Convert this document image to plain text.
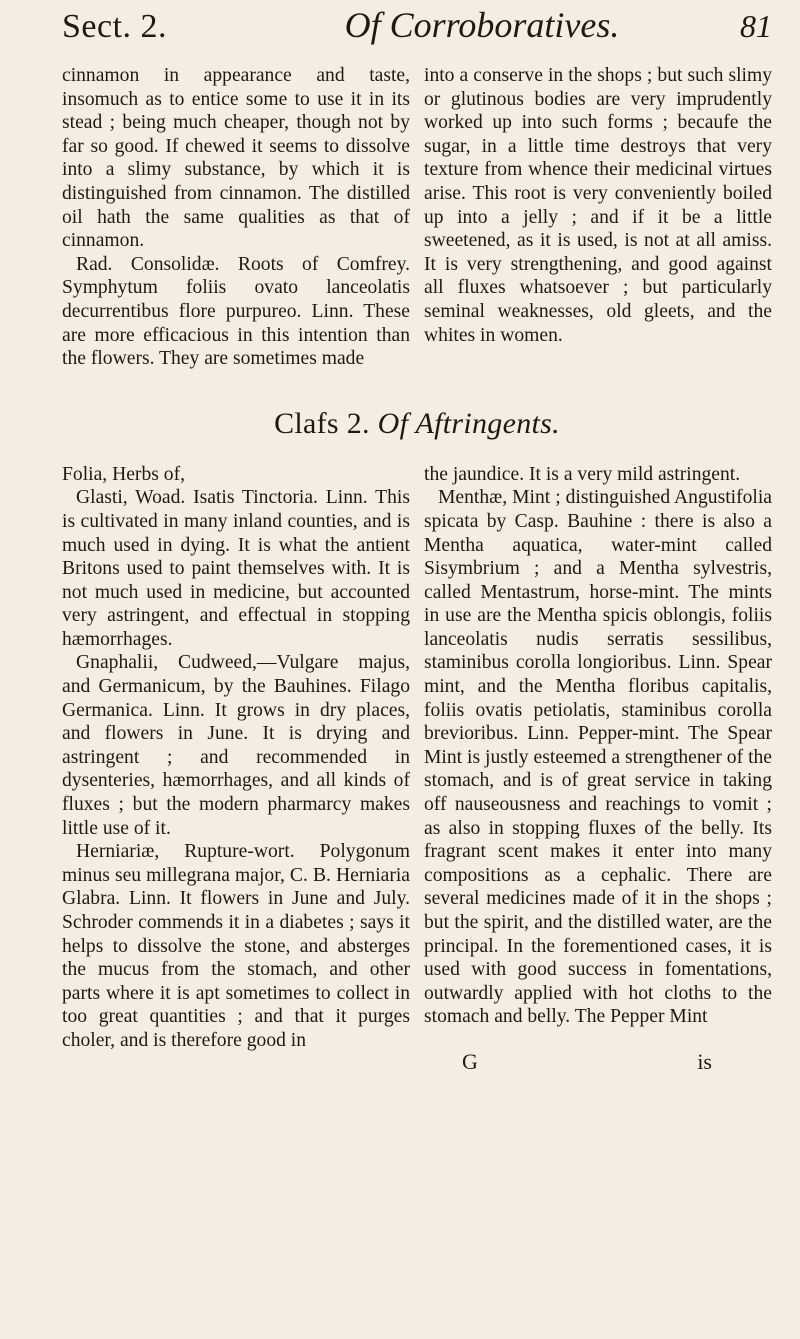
Sect. 2.	Of Corroboratives.	81

cinnamon in appearance and taste, insomuch as to entice some to use it in its stead ; being much cheaper, though not by far so good. If chewed it seems to dissolve into a slimy substance, by which it is distinguished from cinnamon. The distilled oil hath the same qualities as that of cinnamon.

Rad. Consolidæ. Roots of Comfrey. Symphytum foliis ovato lanceolatis decurrentibus flore purpureo. Linn. These are more efficacious in this intention than the flowers. They are sometimes made

into a conserve in the shops ; but such slimy or glutinous bodies are very imprudently worked up into such forms ; becaufe the sugar, in a little time destroys that very texture from whence their medicinal virtues arise. This root is very conveniently boiled up into a jelly ; and if it be a little sweetened, as it is used, is not at all amiss. It is very strengthening, and good against all fluxes whatsoever ; but particularly seminal weaknesses, old gleets, and the whites in women.

Clafs 2. Of Aftringents.

Folia, Herbs of,

Glasti, Woad. Isatis Tinctoria. Linn. This is cultivated in many inland counties, and is much used in dying. It is what the antient Britons used to paint themselves with. It is not much used in medicine, but accounted very astringent, and effectual in stopping hæmorrhages.

Gnaphalii, Cudweed,—Vulgare majus, and Germanicum, by the Bauhines. Filago Germanica. Linn. It grows in dry places, and flowers in June. It is drying and astringent ; and recommended in dysenteries, hæmorrhages, and all kinds of fluxes ; but the modern pharmarcy makes little use of it.

Herniariæ, Rupture-wort. Polygonum minus seu millegrana major, C. B. Herniaria Glabra. Linn. It flowers in June and July. Schroder commends it in a diabetes ; says it helps to dissolve the stone, and absterges the mucus from the stomach, and other parts where it is apt sometimes to collect in too great quantities ; and that it purges choler, and is therefore good in

the jaundice. It is a very mild astringent.

Menthæ, Mint ; distinguished Angustifolia spicata by Casp. Bauhine : there is also a Mentha aquatica, water-mint called Sisymbrium ; and a Mentha sylvestris, called Mentastrum, horse-mint. The mints in use are the Mentha spicis oblongis, foliis lanceolatis nudis serratis sessilibus, staminibus corolla longioribus. Linn. Spear mint, and the Mentha floribus capitalis, foliis ovatis petiolatis, staminibus corolla brevioribus. Linn. Pepper-mint. The Spear Mint is justly esteemed a strengthener of the stomach, and is of great service in taking off nauseousness and reachings to vomit ; as also in stopping fluxes of the belly. Its fragrant scent makes it enter into many compositions as a cephalic. There are several medicines made of it in the shops ; but the spirit, and the distilled water, are the principal. In the forementioned cases, it is used with good success in fomentations, outwardly applied with hot cloths to the stomach and belly. The Pepper Mint

G	is
